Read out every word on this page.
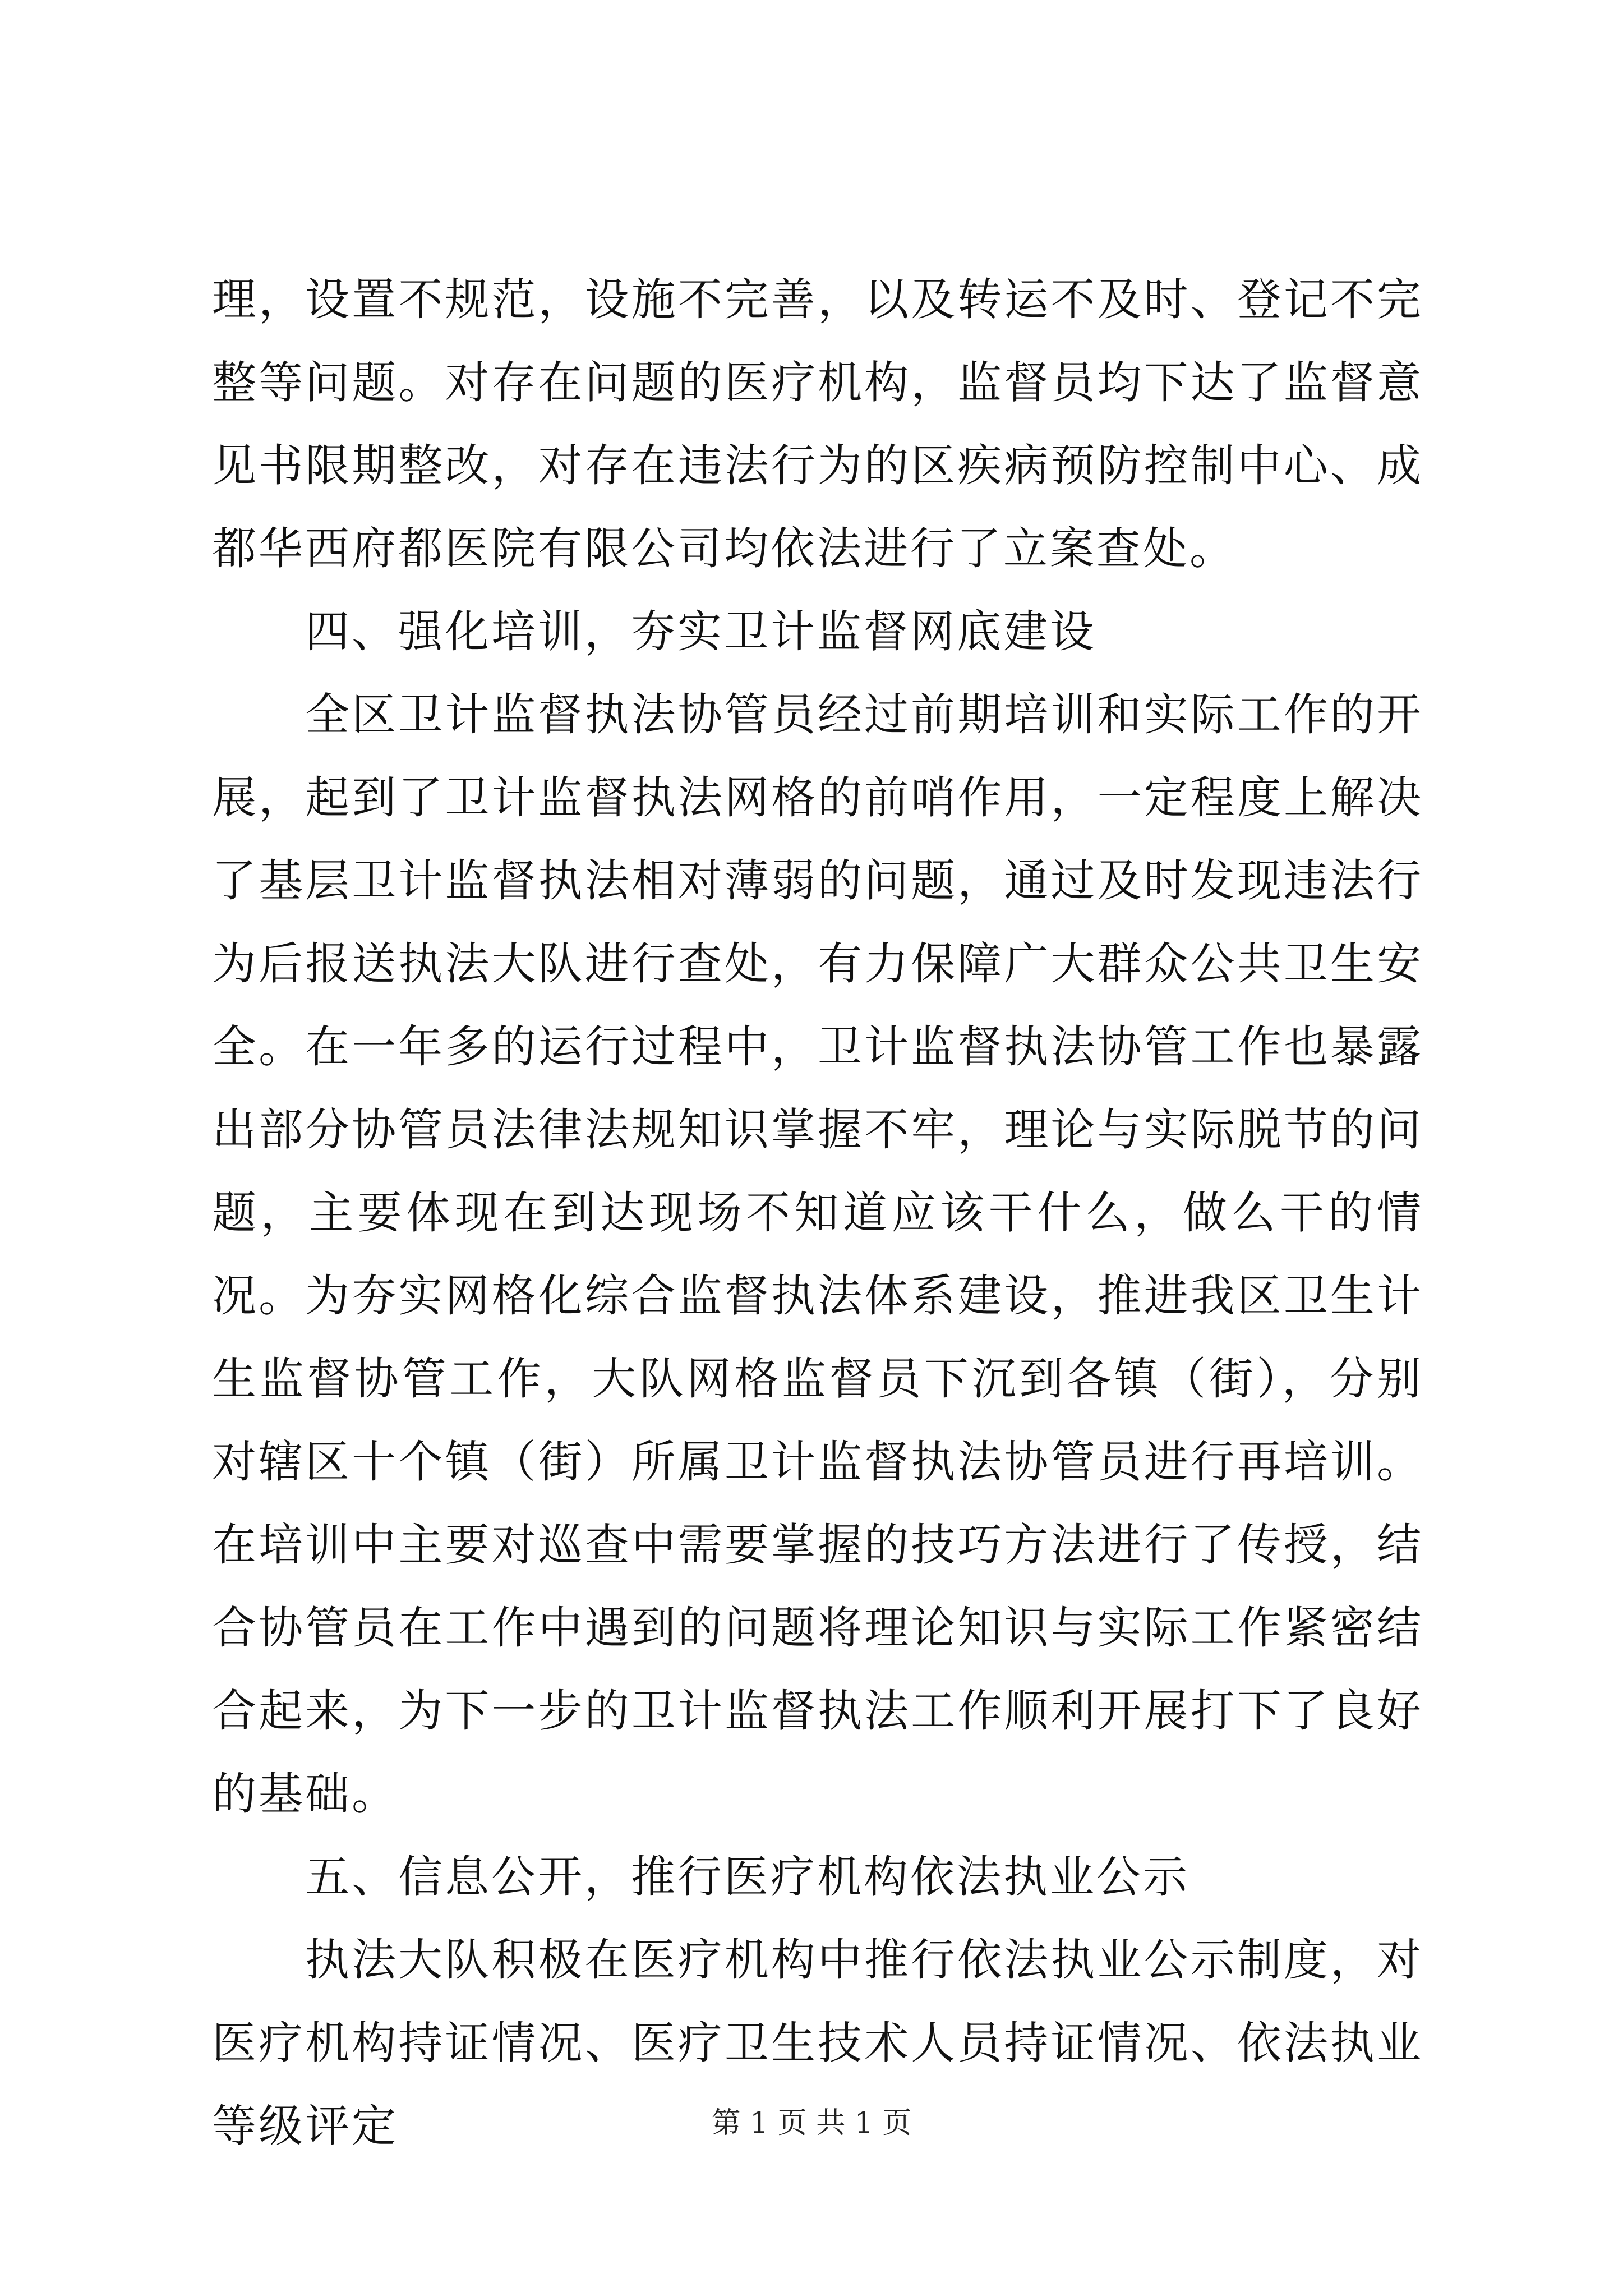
理，设置不规范，设施不完善，以及转运不及时、登记不完整等问题。对存在问题的医疗机构，监督员均下达了监督意见书限期整改，对存在违法行为的区疾病预防控制中心、成都华西府都医院有限公司均依法进行了立案查处。

四、强化培训，夯实卫计监督网底建设

全区卫计监督执法协管员经过前期培训和实际工作的开展，起到了卫计监督执法网格的前哨作用，一定程度上解决了基层卫计监督执法相对薄弱的问题，通过及时发现违法行为后报送执法大队进行查处，有力保障广大群众公共卫生安全。在一年多的运行过程中，卫计监督执法协管工作也暴露出部分协管员法律法规知识掌握不牢，理论与实际脱节的问题，主要体现在到达现场不知道应该干什么，做么干的情况。为夯实网格化综合监督执法体系建设，推进我区卫生计生监督协管工作，大队网格监督员下沉到各镇（街），分别对辖区十个镇（街）所属卫计监督执法协管员进行再培训。在培训中主要对巡查中需要掌握的技巧方法进行了传授，结合协管员在工作中遇到的问题将理论知识与实际工作紧密结合起来，为下一步的卫计监督执法工作顺利开展打下了良好的基础。

五、信息公开，推行医疗机构依法执业公示

执法大队积极在医疗机构中推行依法执业公示制度，对医疗机构持证情况、医疗卫生技术人员持证情况、依法执业等级评定	第 1 页 共 1 页
